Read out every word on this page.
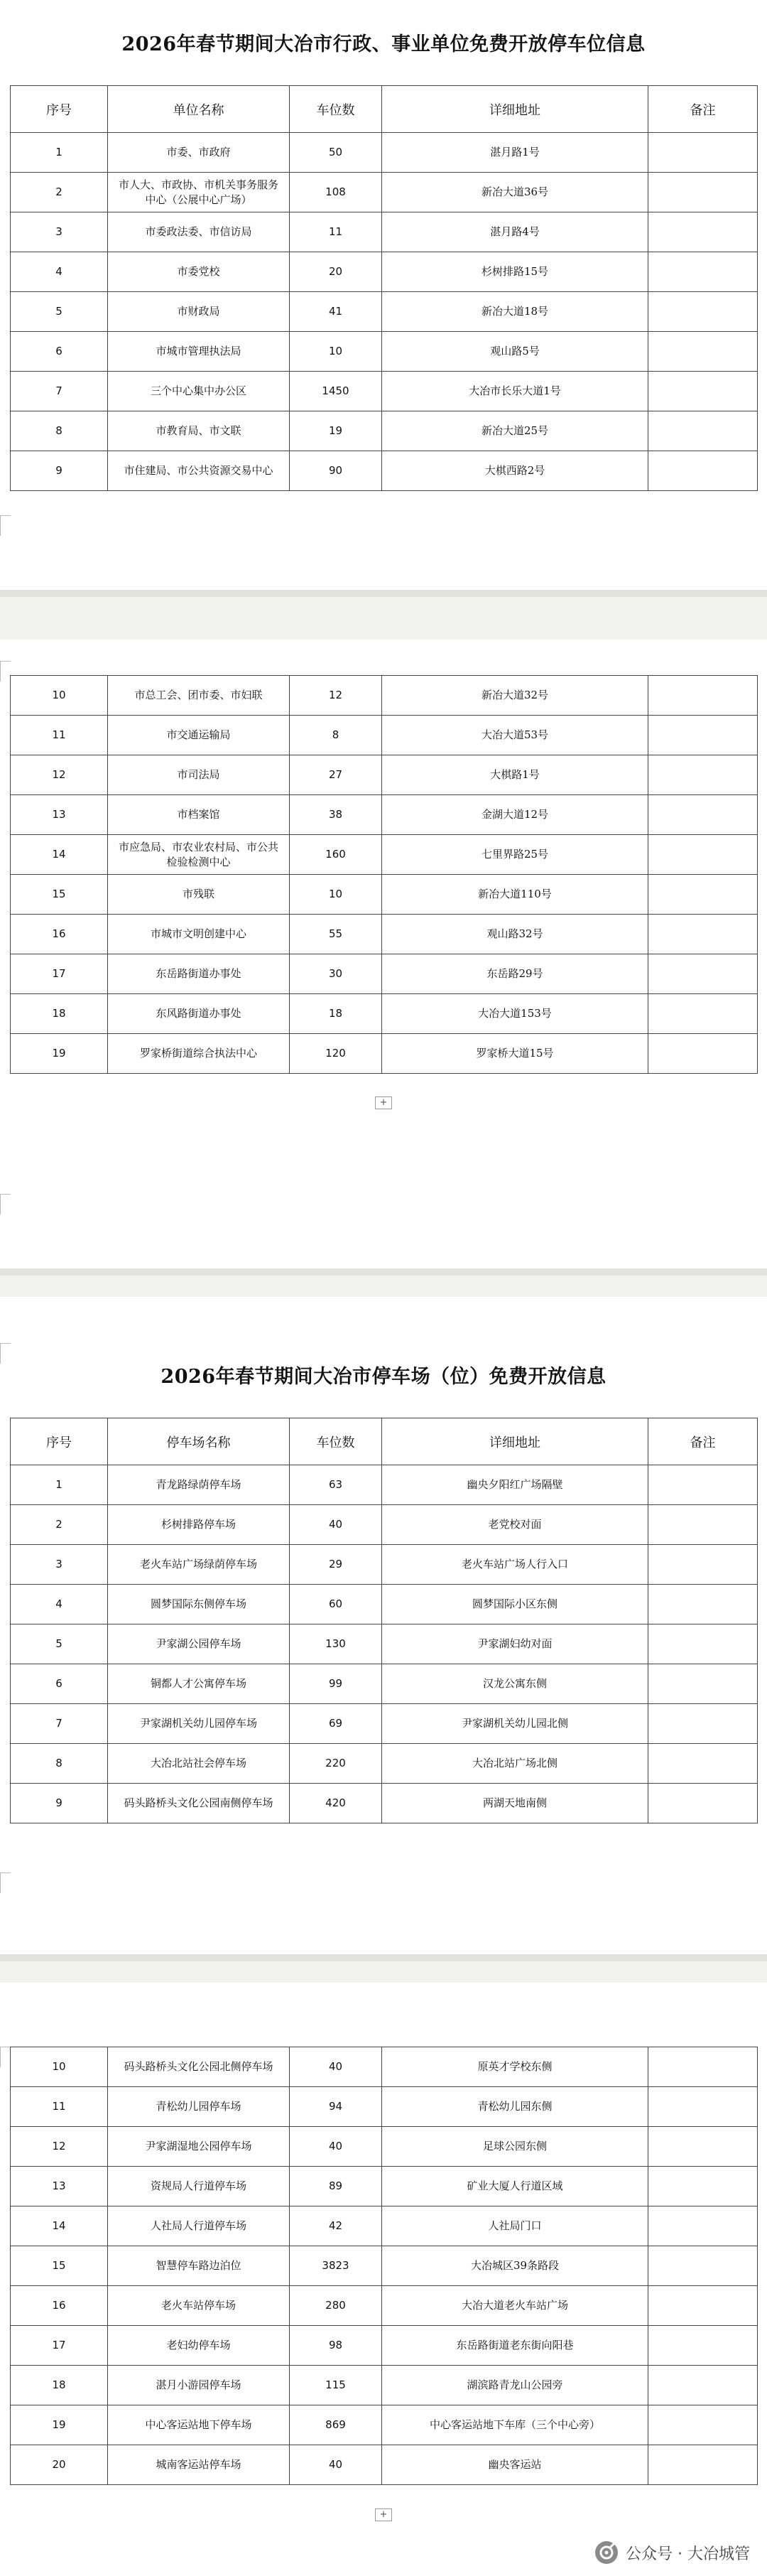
2026年春节期间大冶市行政、事业单位免费开放停车位信息
序号	单位名称	车位数	详细地址	备注
1	市委、市政府	50	湛月路1号	
2	市人大、市政协、市机关事务服务中心（公展中心广场）	108	新冶大道36号	
3	市委政法委、市信访局	11	湛月路4号	
4	市委党校	20	杉树排路15号	
5	市财政局	41	新冶大道18号	
6	市城市管理执法局	10	观山路5号	
7	三个中心集中办公区	1450	大冶市长乐大道1号	
8	市教育局、市文联	19	新冶大道25号	
9	市住建局、市公共资源交易中心	90	大棋西路2号	
10	市总工会、团市委、市妇联	12	新冶大道32号	
11	市交通运输局	8	大冶大道53号	
12	市司法局	27	大棋路1号	
13	市档案馆	38	金湖大道12号	
14	市应急局、市农业农村局、市公共检验检测中心	160	七里界路25号	
15	市残联	10	新冶大道110号	
16	市城市文明创建中心	55	观山路32号	
17	东岳路街道办事处	30	东岳路29号	
18	东风路街道办事处	18	大冶大道153号	
19	罗家桥街道综合执法中心	120	罗家桥大道15号	
+
2026年春节期间大冶市停车场（位）免费开放信息
序号	停车场名称	车位数	详细地址	备注
1	青龙路绿荫停车场	63	幽央夕阳红广场隔壁	
2	杉树排路停车场	40	老党校对面	
3	老火车站广场绿荫停车场	29	老火车站广场人行入口	
4	圆梦国际东侧停车场	60	圆梦国际小区东侧	
5	尹家湖公园停车场	130	尹家湖妇幼对面	
6	铜都人才公寓停车场	99	汉龙公寓东侧	
7	尹家湖机关幼儿园停车场	69	尹家湖机关幼儿园北侧	
8	大冶北站社会停车场	220	大冶北站广场北侧	
9	码头路桥头文化公园南侧停车场	420	两湖天地南侧	
10	码头路桥头文化公园北侧停车场	40	原英才学校东侧	
11	青松幼儿园停车场	94	青松幼儿园东侧	
12	尹家湖湿地公园停车场	40	足球公园东侧	
13	资规局人行道停车场	89	矿业大厦人行道区域	
14	人社局人行道停车场	42	人社局门口	
15	智慧停车路边泊位	3823	大冶城区39条路段	
16	老火车站停车场	280	大冶大道老火车站广场	
17	老妇幼停车场	98	东岳路街道老东街向阳巷	
18	湛月小游园停车场	115	湖滨路青龙山公园旁	
19	中心客运站地下停车场	869	中心客运站地下车库（三个中心旁）	
20	城南客运站停车场	40	幽央客运站	
+
公众号 · 大冶城管
